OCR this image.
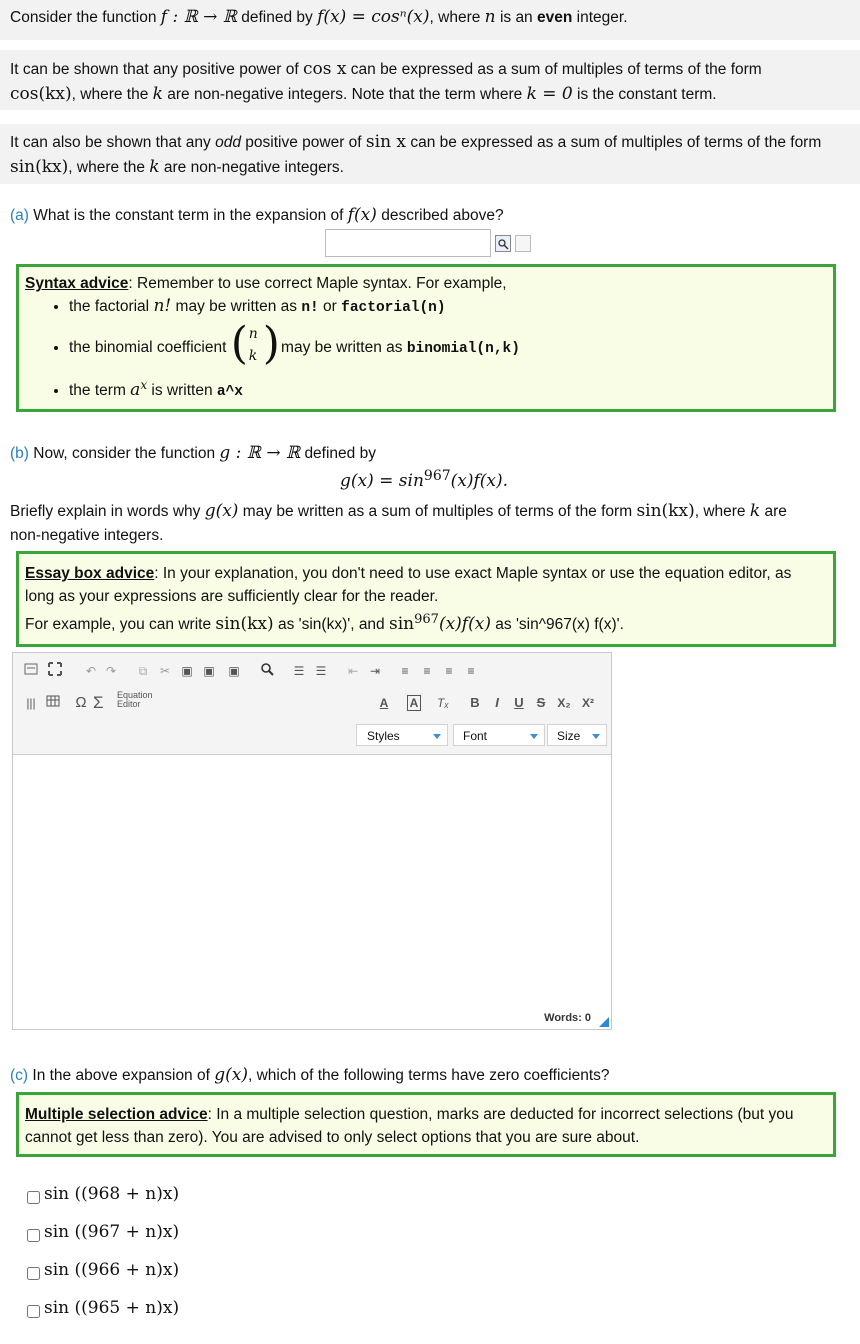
Consider the function f : ℝ → ℝ defined by f(x) = cosⁿ(x), where n is an even integer.
It can be shown that any positive power of cos x can be expressed as a sum of multiples of terms of the form
cos(kx), where the k are non-negative integers. Note that the term where k = 0 is the constant term.
It can also be shown that any odd positive power of sin x can be expressed as a sum of multiples of terms of the form
sin(kx), where the k are non-negative integers.
(a) What is the constant term in the expansion of f(x) described above?
Syntax advice: Remember to use correct Maple syntax. For example,
• the factorial n! may be written as n! or factorial(n)
• the binomial coefficient ( n
k ) may be written as binomial(n,k)
• the term $a^x$ is written a^x
(b) Now, consider the function g : ℝ → ℝ defined by
$g(x) = \sin^{967}(x)f(x)$.
Briefly explain in words why g(x) may be written as a sum of multiples of terms of the form sin(kx), where k are
non-negative integers.
Essay box advice: In your explanation, you don't need to use exact Maple syntax or use the equation editor, as
long as your expressions are sufficiently clear for the reader.
For example, you can write sin(kx) as 'sin(kx)', and $\sin^{967}(x)f(x)$ as 'sin^967(x) f(x)'.
↶ ↷	⧉	✂ ▣ ▣ ▣	☰ ☰ ⇤ ⇥	≡	≡	≡	≡
|||	Ω Σ Equation
Editor	A	A	Tₓ	B	I	U S	X₂ X²
Words: 0
Styles	Font	Size
(c) In the above expansion of g(x), which of the following terms have zero coefficients?
Multiple selection advice: In a multiple selection question, marks are deducted for incorrect selections (but you
cannot get less than zero). You are advised to only select options that you are sure about.
sin ((968 + n)x)
sin ((967 + n)x)
sin ((966 + n)x)
sin ((965 + n)x)
